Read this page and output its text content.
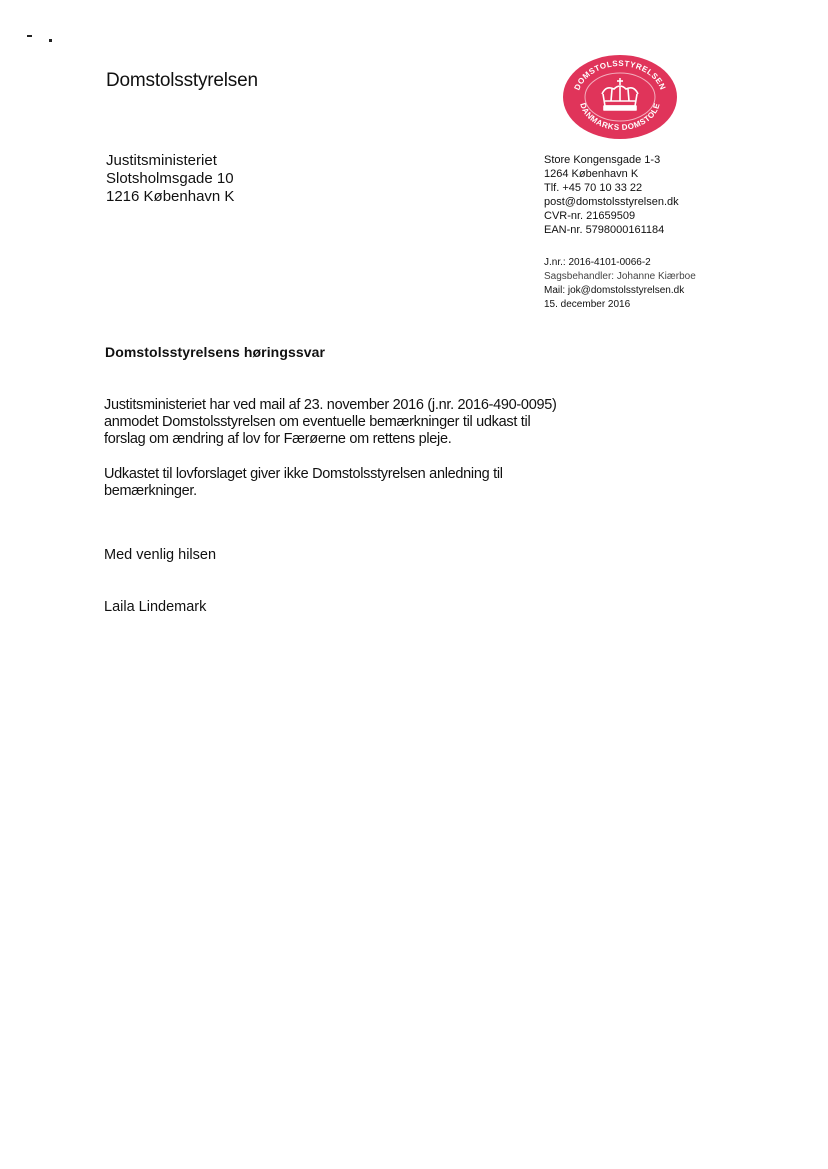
Domstolsstyrelsen	DOMSTOLSSTYRELSEN
DANMARKS DOMSTOLE
Justitsministeriet
Slotsholmsgade 10
1216 København K
Store Kongensgade 1-3
1264 København K
Tlf. +45 70 10 33 22
post@domstolsstyrelsen.dk
CVR-nr. 21659509
EAN-nr. 5798000161184
J.nr.: 2016-4101-0066-2
Sagsbehandler: Johanne Kiærboe
Mail: jok@domstolsstyrelsen.dk
15. december 2016
Domstolsstyrelsens høringssvar
Justitsministeriet har ved mail af 23. november 2016 (j.nr. 2016-490-0095)
anmodet Domstolsstyrelsen om eventuelle bemærkninger til udkast til
forslag om ændring af lov for Færøerne om rettens pleje.
Udkastet til lovforslaget giver ikke Domstolsstyrelsen anledning til
bemærkninger.
Med venlig hilsen
Laila Lindemark
